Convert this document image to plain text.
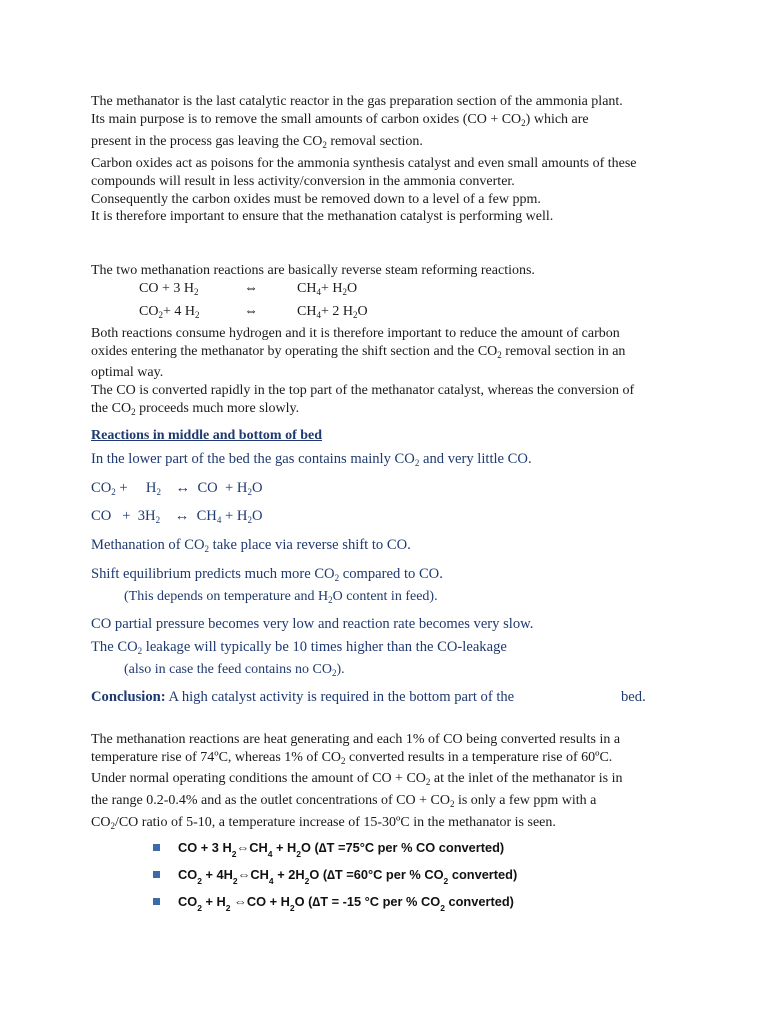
The methanator is the last catalytic reactor in the gas preparation section of the ammonia plant.
Its main purpose is to remove the small amounts of carbon oxides $(CO + CO_2)$ which are
present in the process gas leaving the $CO_2$ removal section.
Carbon oxides act as poisons for the ammonia synthesis catalyst and even small amounts of these
compounds will result in less activity/conversion in the ammonia converter.
Consequently the carbon oxides must be removed down to a level of a few ppm.
It is therefore important to ensure that the methanation catalyst is performing well.
The two methanation reactions are basically reverse steam reforming reactions.
CO + 3 $H_2$	⇔	$CH_4+ H_2O$
$CO_2+ 4$ $H_2$	⇔	$CH_4+ 2$ $H_2O$
Both reactions consume hydrogen and it is therefore important to reduce the amount of carbon
oxides entering the methanator by operating the shift section and the $CO_2$ removal section in an
optimal way.
The CO is converted rapidly in the top part of the methanator catalyst, whereas the conversion of
the $CO_2$ proceeds much more slowly.
Reactions in middle and bottom of bed
In the lower part of the bed the gas contains mainly $CO_2$ and very little CO.
$CO_2$ +     $H_2$    ↔  CO  + $H_2O$
CO   +  $3H_2$    ↔  $CH_4 + H_2O$
Methanation of $CO_2$ take place via reverse shift to CO.
Shift equilibrium predicts much more $CO_2$ compared to CO.
(This depends on temperature and $H_2O$ content in feed).
CO partial pressure becomes very low and reaction rate becomes very slow.
The $CO_2$ leakage will typically be 10 times higher than the CO-leakage
(also in case the feed contains no $CO_2$).
Conclusion: A high catalyst activity is required in the bottom part of the	bed.
The methanation reactions are heat generating and each 1% of CO being converted results in a
temperature rise of 74ºC, whereas 1% of $CO_2$ converted results in a temperature rise of 60ºC.
Under normal operating conditions the amount of CO + $CO_2$ at the inlet of the methanator is in
the range 0.2-0.4% and as the outlet concentrations of CO + $CO_2$ is only a few ppm with a
$CO_2/CO$ ratio of 5-10, a temperature increase of 15-30ºC in the methanator is seen.
CO + 3 $H_2\Leftrightarrow CH_4 + H_2O$ (∆T =75°C per % CO converted)
$CO_2$ + $4H_2\Leftrightarrow CH_4 + 2H_2O$ (∆T =60°C per % $CO_2$ converted)
$CO_2 + H_2$ ⇔CO + $H_2O$ (∆T = -15 °C per % $CO_2$ converted)
